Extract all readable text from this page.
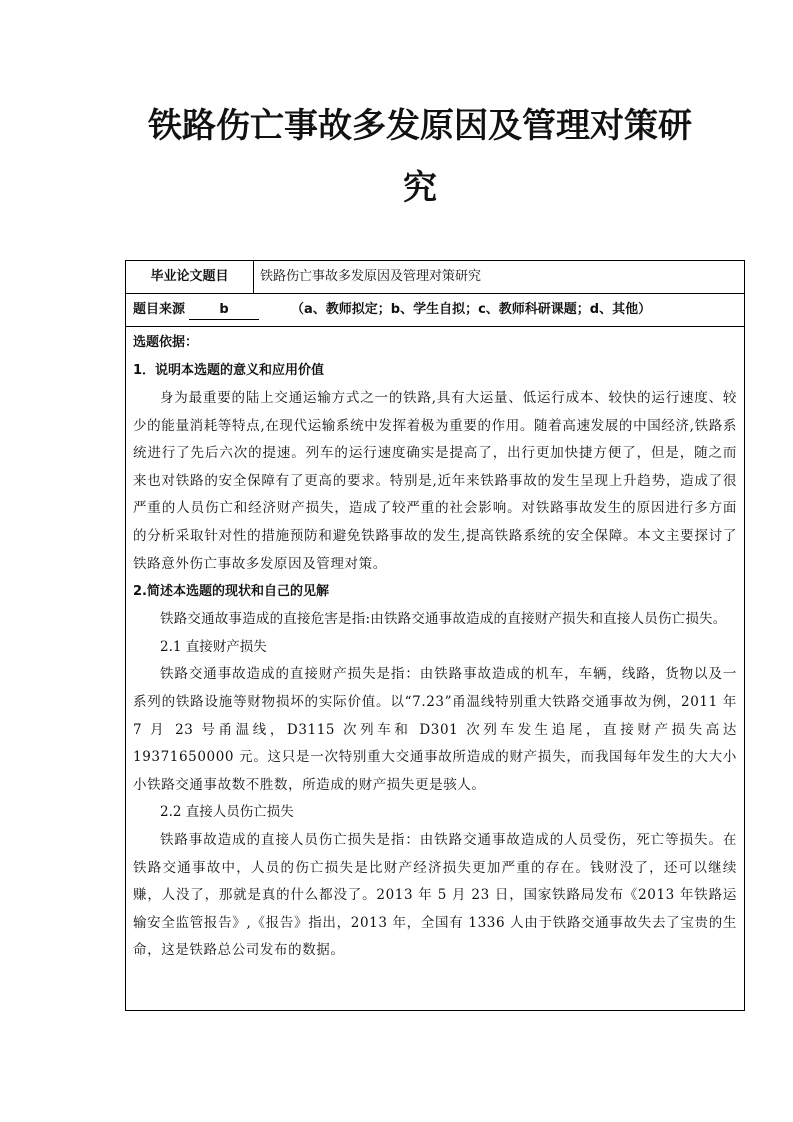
铁路伤亡事故多发原因及管理对策研
究
毕业论文题目	铁路伤亡事故多发原因及管理对策研究
题目来源	b	（a、教师拟定；b、学生自拟；c、教师科研课题；d、其他）

选题依据：

1．说明本选题的意义和应用价值

身为最重要的陆上交通运输方式之一的铁路,具有大运量、低运行成本、较快的运行速度、较少的能量消耗等特点,在现代运输系统中发挥着极为重要的作用。随着高速发展的中国经济,铁路系统进行了先后六次的提速。列车的运行速度确实是提高了，出行更加快捷方便了，但是，随之而来也对铁路的安全保障有了更高的要求。特别是,近年来铁路事故的发生呈现上升趋势，造成了很严重的人员伤亡和经济财产损失，造成了较严重的社会影响。对铁路事故发生的原因进行多方面的分析采取针对性的措施预防和避免铁路事故的发生,提高铁路系统的安全保障。本文主要探讨了铁路意外伤亡事故多发原因及管理对策。

2.简述本选题的现状和自己的见解

铁路交通故事造成的直接危害是指:由铁路交通事故造成的直接财产损失和直接人员伤亡损失。

2.1 直接财产损失

铁路交通事故造成的直接财产损失是指：由铁路事故造成的机车，车辆，线路，货物以及一系列的铁路设施等财物损坏的实际价值。以“7.23”甬温线特别重大铁路交通事故为例，2011 年 7 月 23 号甬温线，D3115 次列车和 D301 次列车发生追尾，直接财产损失高达 19371650000 元。这只是一次特别重大交通事故所造成的财产损失，而我国每年发生的大大小小铁路交通事故数不胜数，所造成的财产损失更是骇人。

2.2 直接人员伤亡损失

铁路事故造成的直接人员伤亡损失是指：由铁路交通事故造成的人员受伤，死亡等损失。在铁路交通事故中，人员的伤亡损失是比财产经济损失更加严重的存在。钱财没了，还可以继续赚，人没了，那就是真的什么都没了。2013 年 5 月 23 日，国家铁路局发布《2013 年铁路运输安全监管报告》,《报告》指出，2013 年，全国有 1336 人由于铁路交通事故失去了宝贵的生命，这是铁路总公司发布的数据。
